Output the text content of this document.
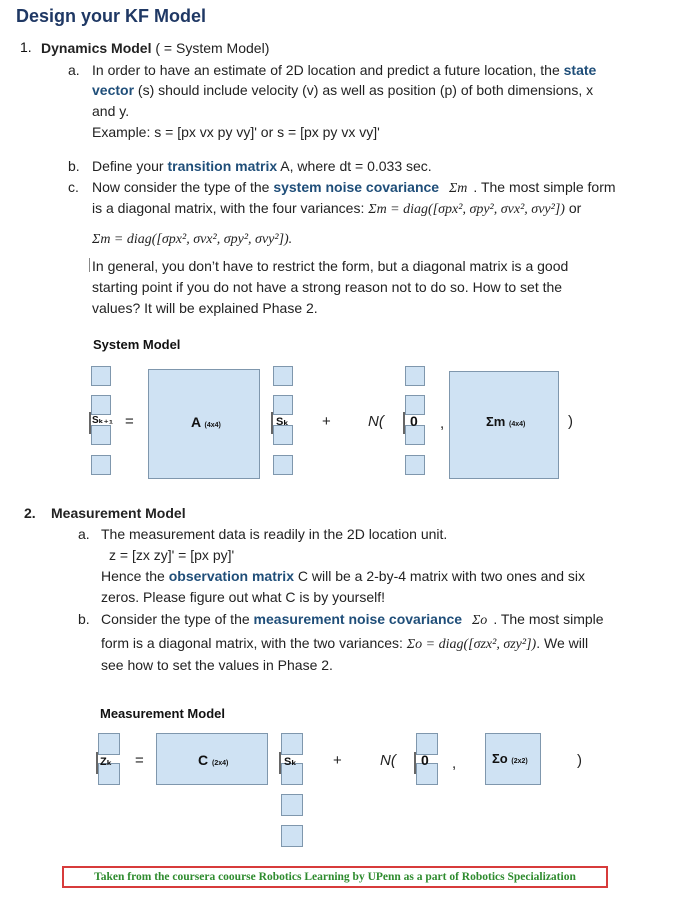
Design your KF Model
1. Dynamics Model ( = System Model)
a. In order to have an estimate of 2D location and predict a future location, the state
vector (s) should include velocity (v) as well as position (p) of both dimensions, x
and y.
Example: s = [px vx py vy]' or s = [px py vx vy]'
b. Define your transition matrix A, where dt = 0.033 sec.
c. Now consider the type of the system noise covariance Σm . The most simple form
is a diagonal matrix, with the four variances: Σm = diag([σpx², σpy², σvx², σvy²]) or
Σm = diag([σpx², σvx², σpy², σvy²]).
In general, you don’t have to restrict the form, but a diagonal matrix is a good
starting point if you do not have a strong reason not to do so. How to set the
values? It will be explained Phase 2.
System Model
Sₖ₊₁ =	A (4x4)	Sₖ + N( 0 ,	Σm (4x4)	)
2. Measurement Model
a. The measurement data is readily in the 2D location unit.
z = [zx zy]' = [px py]'
Hence the observation matrix C will be a 2-by-4 matrix with two ones and six
zeros. Please figure out what C is by yourself!
b. Consider the type of the measurement noise covariance Σo . The most simple
form is a diagonal matrix, with the two variances: Σo = diag([σzx², σzy²]). We will
see how to set the values in Phase 2.
Measurement Model
Zₖ =	C (2x4)	Sₖ +	N( 0 ,	Σo (2x2)	)
Taken from the coursera coourse Robotics Learning by UPenn as a part of Robotics Specialization
